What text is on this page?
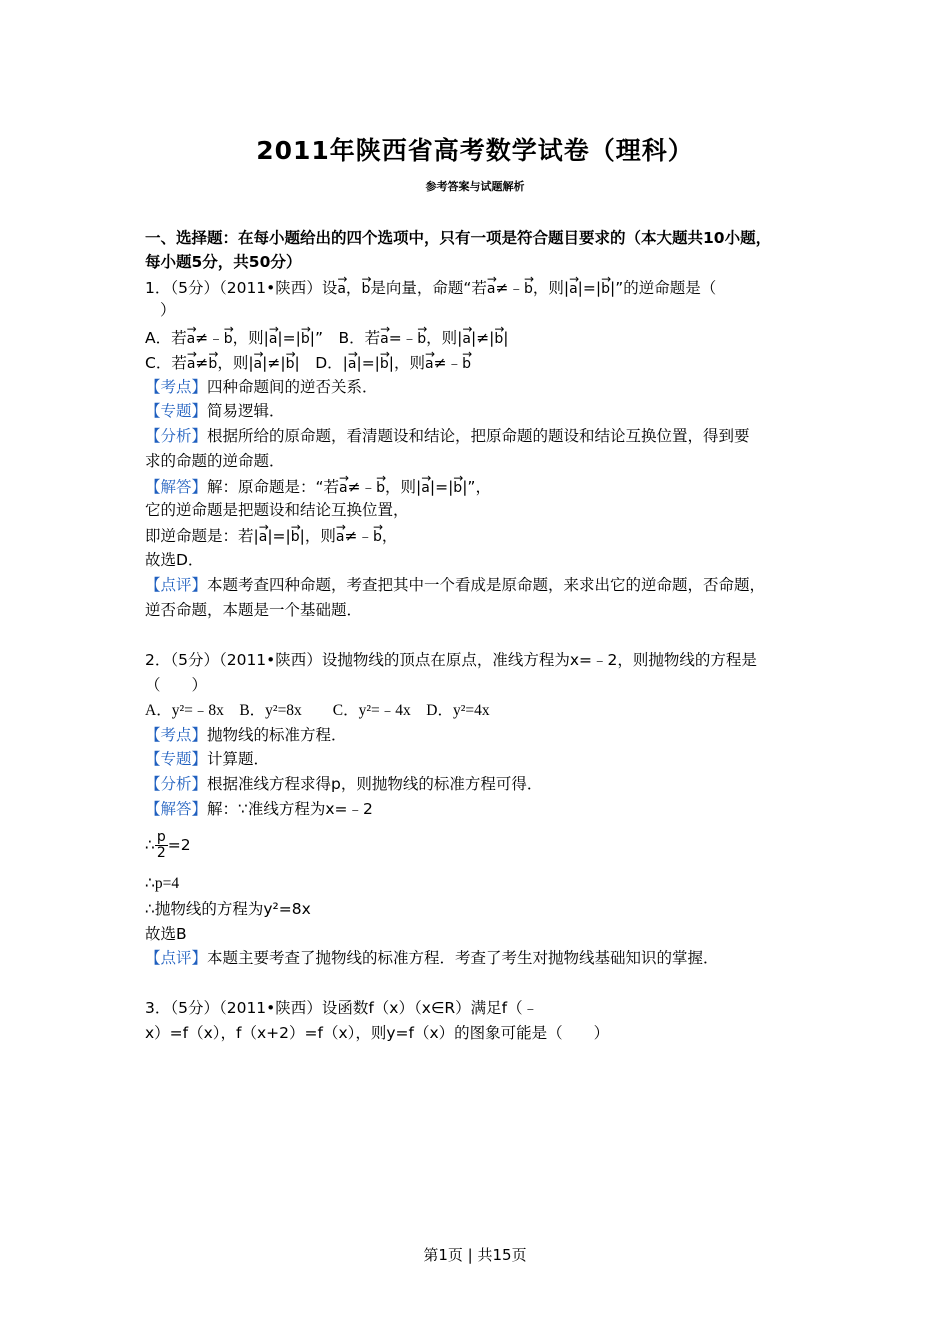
2011年陕西省高考数学试卷（理科）
参考答案与试题解析
一、选择题：在每小题给出的四个选项中，只有一项是符合题目要求的（本大题共10小题，
每小题5分，共50分）
1．（5分）（2011•陕西）设→ a，→ b是向量，命题“若→ a≠﹣→ b，则|→ a|=|→ b|”的逆命题是（
）
A．若→ a≠﹣→ b，则|→ a|=|→ b|”　B．若→ a=﹣→ b，则|→ a|≠|→ b|
C．若→ a≠→ b，则|→ a|≠|→ b|　D．|→ a|=|→ b|，则→ a≠﹣→ b
【考点】四种命题间的逆否关系．
【专题】简易逻辑．
【分析】根据所给的原命题，看清题设和结论，把原命题的题设和结论互换位置，得到要
求的命题的逆命题．
【解答】解：原命题是：“若→ a≠﹣→ b，则|→ a|=|→ b|”，
它的逆命题是把题设和结论互换位置，
即逆命题是：若|→ a|=|→ b|，则→ a≠﹣→ b，
故选D．
【点评】本题考查四种命题，考查把其中一个看成是原命题，来求出它的逆命题，否命题，
逆否命题，本题是一个基础题．
2．（5分）（2011•陕西）设抛物线的顶点在原点，准线方程为x=﹣2，则抛物线的方程是
（　　）
A．y²=﹣8x　B．y²=8x　　C．y²=﹣4x　D．y²=4x
【考点】抛物线的标准方程．
【专题】计算题．
【分析】根据准线方程求得p，则抛物线的标准方程可得．
【解答】解：∵准线方程为x=﹣2
∴ $\frac{p}{2} =2$
∴p=4
∴抛物线的方程为y²=8x
故选B
【点评】本题主要考查了抛物线的标准方程．考查了考生对抛物线基础知识的掌握．
3．（5分）（2011•陕西）设函数f（x）（x∈R）满足f（﹣
x）=f（x），f（x+2）=f（x），则y=f（x）的图象可能是（　　）
第1页 | 共15页
